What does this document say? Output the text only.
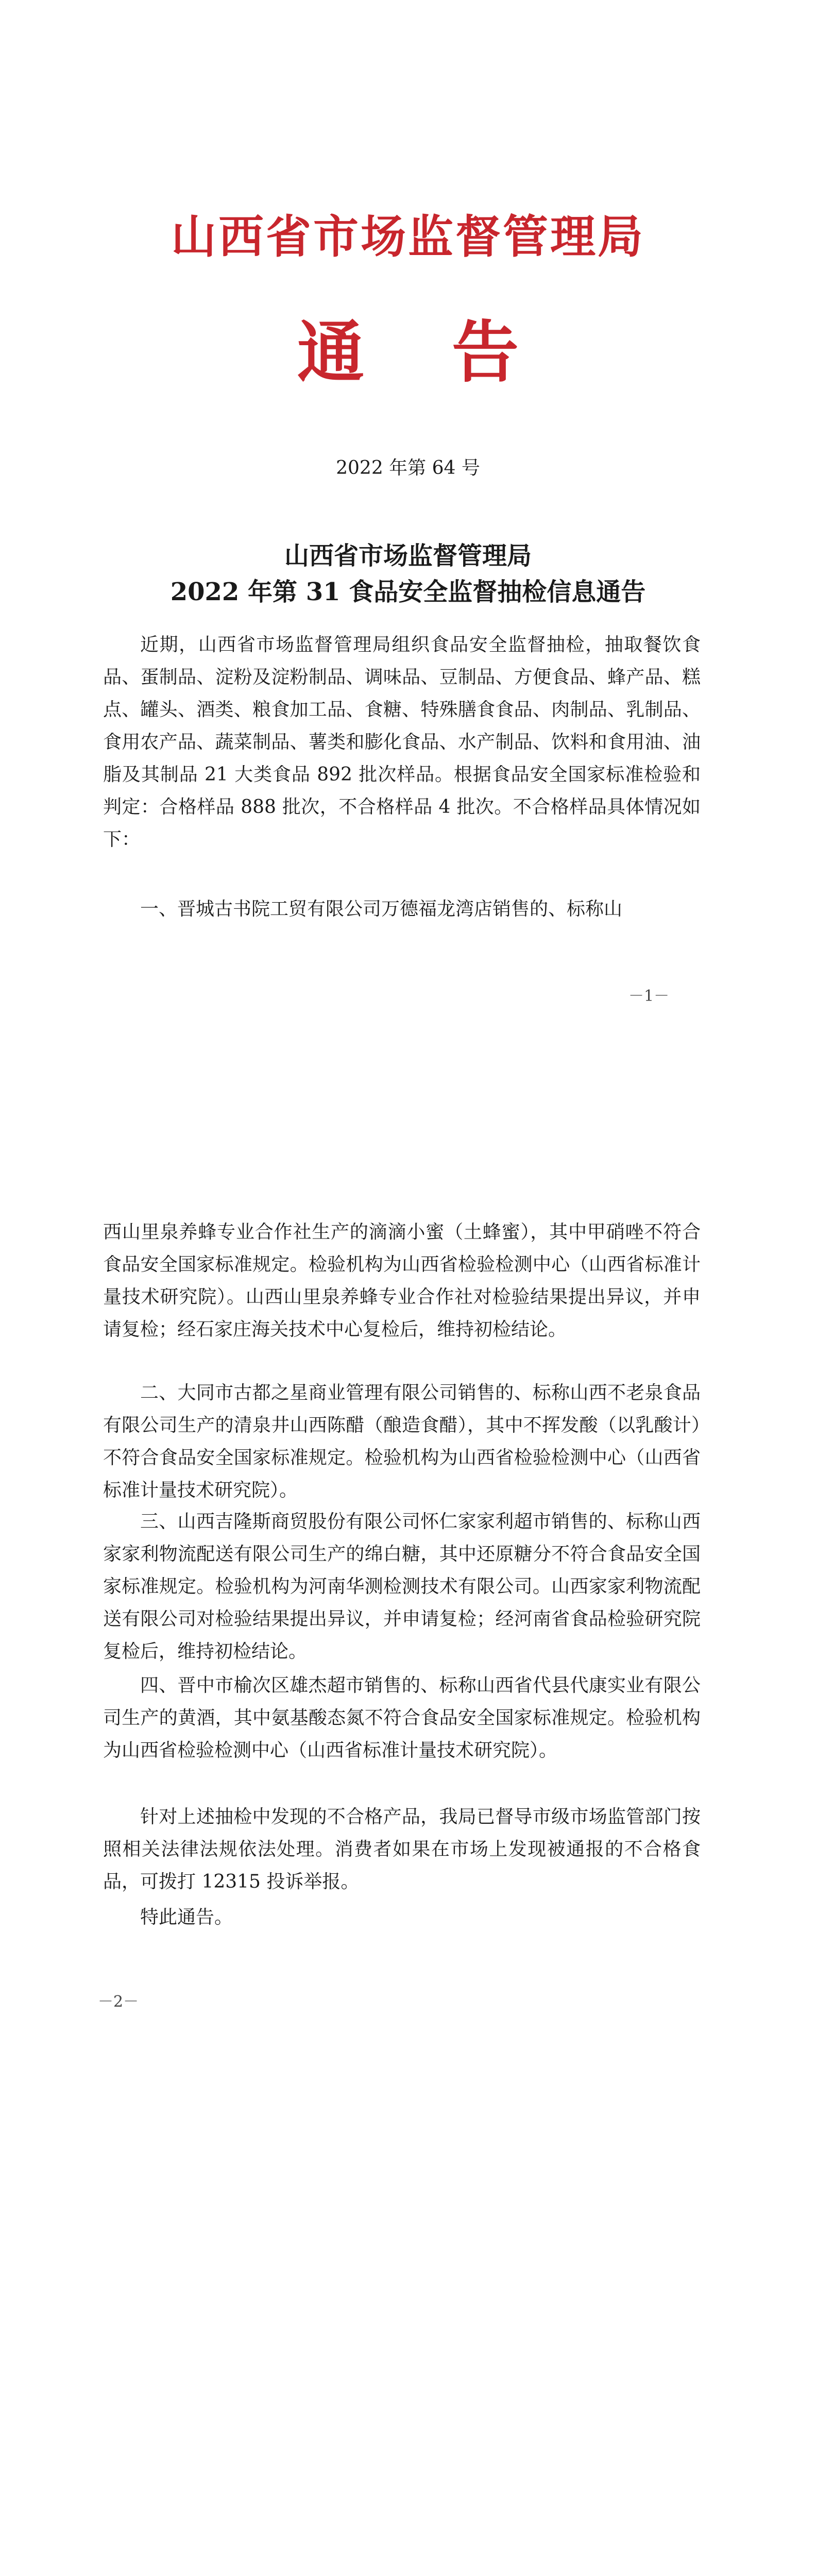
山西省市场监督管理局
通告
2022 年第 64 号
山西省市场监督管理局
2022 年第 31 食品安全监督抽检信息通告

近期，山西省市场监督管理局组织食品安全监督抽检，抽取餐饮食品、蛋制品、淀粉及淀粉制品、调味品、豆制品、方便食品、蜂产品、糕点、罐头、酒类、粮食加工品、食糖、特殊膳食食品、肉制品、乳制品、食用农产品、蔬菜制品、薯类和膨化食品、水产制品、饮料和食用油、油脂及其制品 21 大类食品 892 批次样品。根据食品安全国家标准检验和判定：合格样品 888 批次，不合格样品 4 批次。不合格样品具体情况如下：

一、晋城古书院工贸有限公司万德福龙湾店销售的、标称山

－1－

西山里泉养蜂专业合作社生产的滴滴小蜜（土蜂蜜），其中甲硝唑不符合食品安全国家标准规定。检验机构为山西省检验检测中心（山西省标准计量技术研究院）。山西山里泉养蜂专业合作社对检验结果提出异议，并申请复检；经石家庄海关技术中心复检后，维持初检结论。

二、大同市古都之星商业管理有限公司销售的、标称山西不老泉食品有限公司生产的清泉井山西陈醋（酿造食醋），其中不挥发酸（以乳酸计）不符合食品安全国家标准规定。检验机构为山西省检验检测中心（山西省标准计量技术研究院）。

三、山西吉隆斯商贸股份有限公司怀仁家家利超市销售的、标称山西家家利物流配送有限公司生产的绵白糖，其中还原糖分不符合食品安全国家标准规定。检验机构为河南华测检测技术有限公司。山西家家利物流配送有限公司对检验结果提出异议，并申请复检；经河南省食品检验研究院复检后，维持初检结论。

四、晋中市榆次区雄杰超市销售的、标称山西省代县代康实业有限公司生产的黄酒，其中氨基酸态氮不符合食品安全国家标准规定。检验机构为山西省检验检测中心（山西省标准计量技术研究院）。

针对上述抽检中发现的不合格产品，我局已督导市级市场监管部门按照相关法律法规依法处理。消费者如果在市场上发现被通报的不合格食品，可拨打 12315 投诉举报。

特此通告。

－2－
